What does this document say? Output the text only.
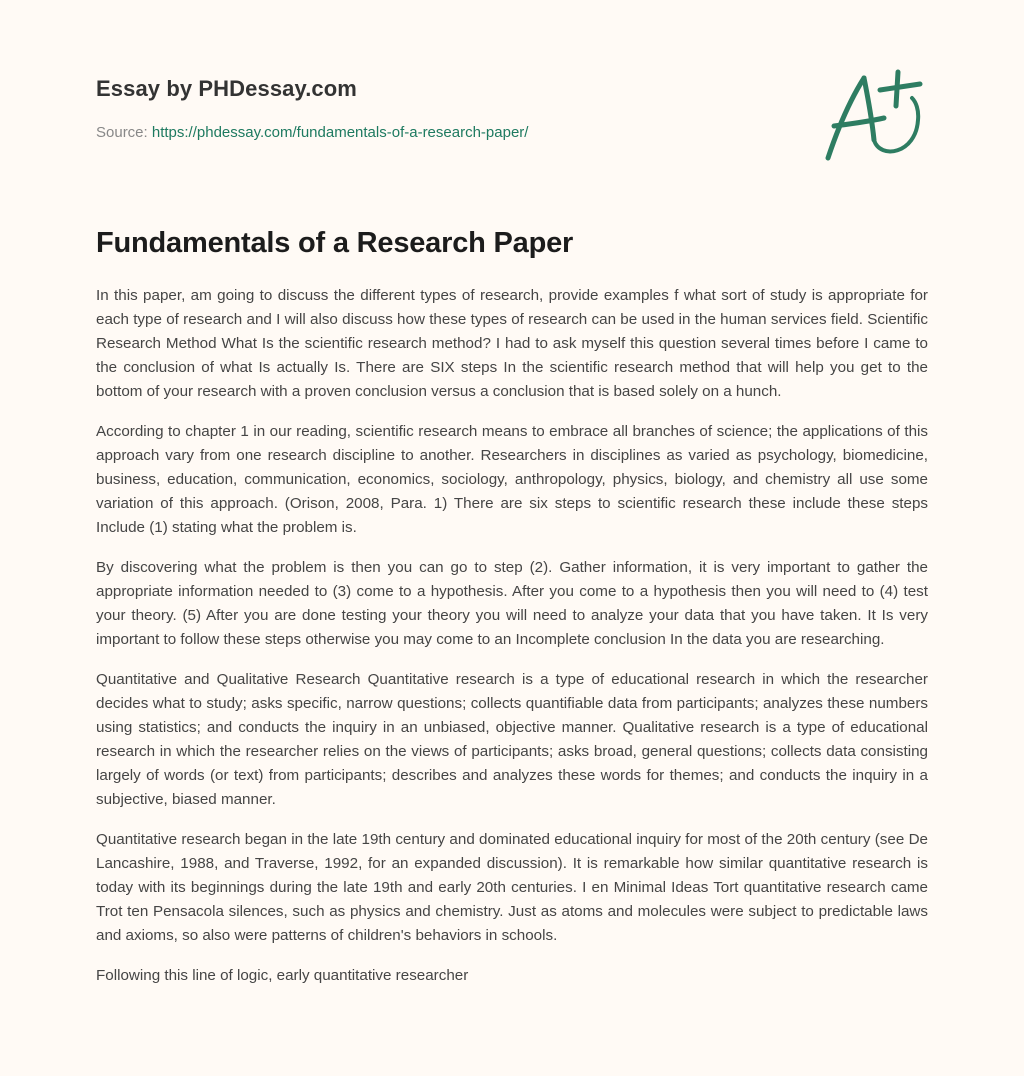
Essay by PHDessay.com
Source: https://phdessay.com/fundamentals-of-a-research-paper/
Fundamentals of a Research Paper

In this paper, am going to discuss the different types of research, provide examples f what sort of study is appropriate for each type of research and I will also discuss how these types of research can be used in the human services field. Scientific Research Method What Is the scientific research method? I had to ask myself this question several times before I came to the conclusion of what Is actually Is. There are SIX steps In the scientific research method that will help you get to the bottom of your research with a proven conclusion versus a conclusion that is based solely on a hunch.

According to chapter 1 in our reading, scientific research means to embrace all branches of science; the applications of this approach vary from one research discipline to another. Researchers in disciplines as varied as psychology, biomedicine, business, education, communication, economics, sociology, anthropology, physics, biology, and chemistry all use some variation of this approach. (Orison, 2008, Para. 1) There are six steps to scientific research these include these steps Include (1) stating what the problem is.

By discovering what the problem is then you can go to step (2). Gather information, it is very important to gather the appropriate information needed to (3) come to a hypothesis. After you come to a hypothesis then you will need to (4) test your theory. (5) After you are done testing your theory you will need to analyze your data that you have taken. It Is very important to follow these steps otherwise you may come to an Incomplete conclusion In the data you are researching.

Quantitative and Qualitative Research Quantitative research is a type of educational research in which the researcher decides what to study; asks specific, narrow questions; collects quantifiable data from participants; analyzes these numbers using statistics; and conducts the inquiry in an unbiased, objective manner. Qualitative research is a type of educational research in which the researcher relies on the views of participants; asks broad, general questions; collects data consisting largely of words (or text) from participants; describes and analyzes these words for themes; and conducts the inquiry in a subjective, biased manner.

Quantitative research began in the late 19th century and dominated educational inquiry for most of the 20th century (see De Lancashire, 1988, and Traverse, 1992, for an expanded discussion). It is remarkable how similar quantitative research is today with its beginnings during the late 19th and early 20th centuries. I en Minimal Ideas Tort quantitative research came Trot ten Pensacola silences, such as physics and chemistry. Just as atoms and molecules were subject to predictable laws and axioms, so also were patterns of children's behaviors in schools.

Following this line of logic, early quantitative researcher
